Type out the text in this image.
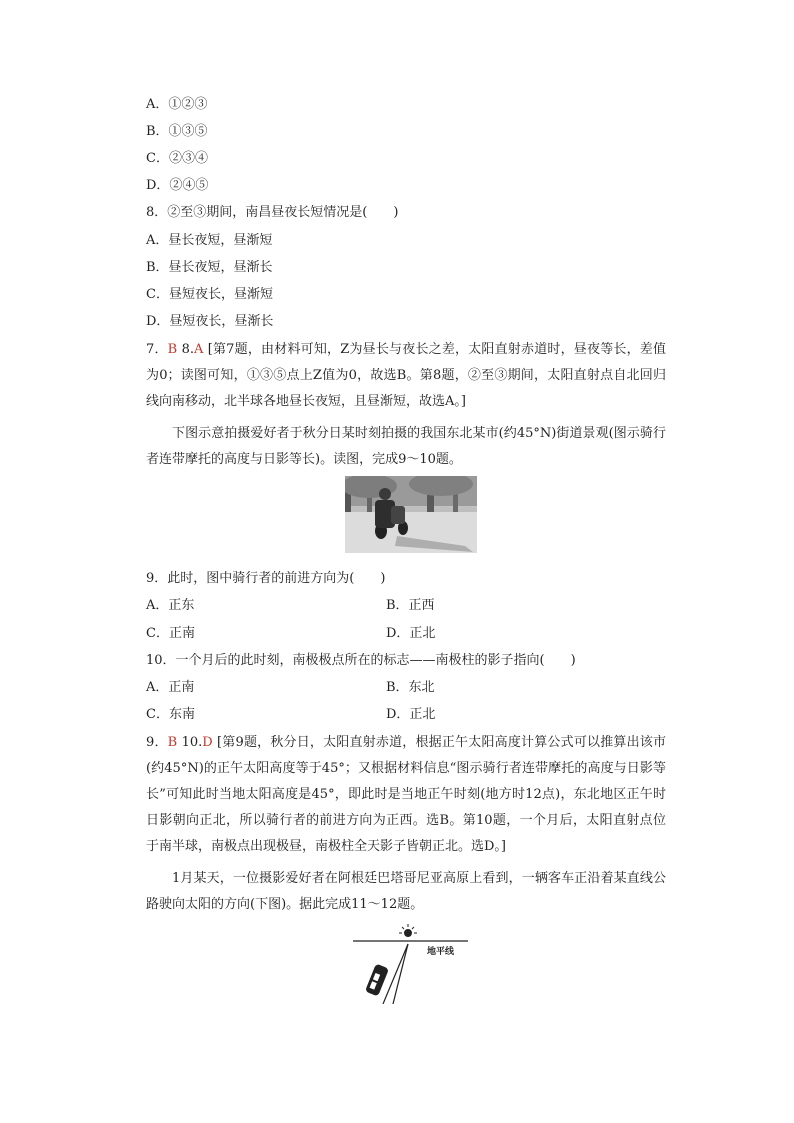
A．①②③
B．①③⑤
C．②③④
D．②④⑤
8．②至③期间，南昌昼夜长短情况是(　　)
A．昼长夜短，昼渐短
B．昼长夜短，昼渐长
C．昼短夜长，昼渐短
D．昼短夜长，昼渐长
7．B 8.A [第7题，由材料可知，Z为昼长与夜长之差，太阳直射赤道时，昼夜等长，差值为0；读图可知，①③⑤点上Z值为0，故选B。第8题，②至③期间，太阳直射点自北回归线向南移动，北半球各地昼长夜短，且昼渐短，故选A。]
下图示意拍摄爱好者于秋分日某时刻拍摄的我国东北某市(约45°N)街道景观(图示骑行者连带摩托的高度与日影等长)。读图，完成9～10题。
9．此时，图中骑行者的前进方向为(　　)
A．正东	B．正西
C．正南	D．正北
10．一个月后的此时刻，南极极点所在的标志——南极柱的影子指向(　　)
A．正南	B．东北
C．东南	D．正北
9．B 10.D [第9题，秋分日，太阳直射赤道，根据正午太阳高度计算公式可以推算出该市(约45°N)的正午太阳高度等于45°；又根据材料信息“图示骑行者连带摩托的高度与日影等长”可知此时当地太阳高度是45°，即此时是当地正午时刻(地方时12点)，东北地区正午时日影朝向正北，所以骑行者的前进方向为正西。选B。第10题，一个月后，太阳直射点位于南半球，南极点出现极昼，南极柱全天影子皆朝正北。选D。]
1月某天，一位摄影爱好者在阿根廷巴塔哥尼亚高原上看到，一辆客车正沿着某直线公路驶向太阳的方向(下图)。据此完成11～12题。
地平线
